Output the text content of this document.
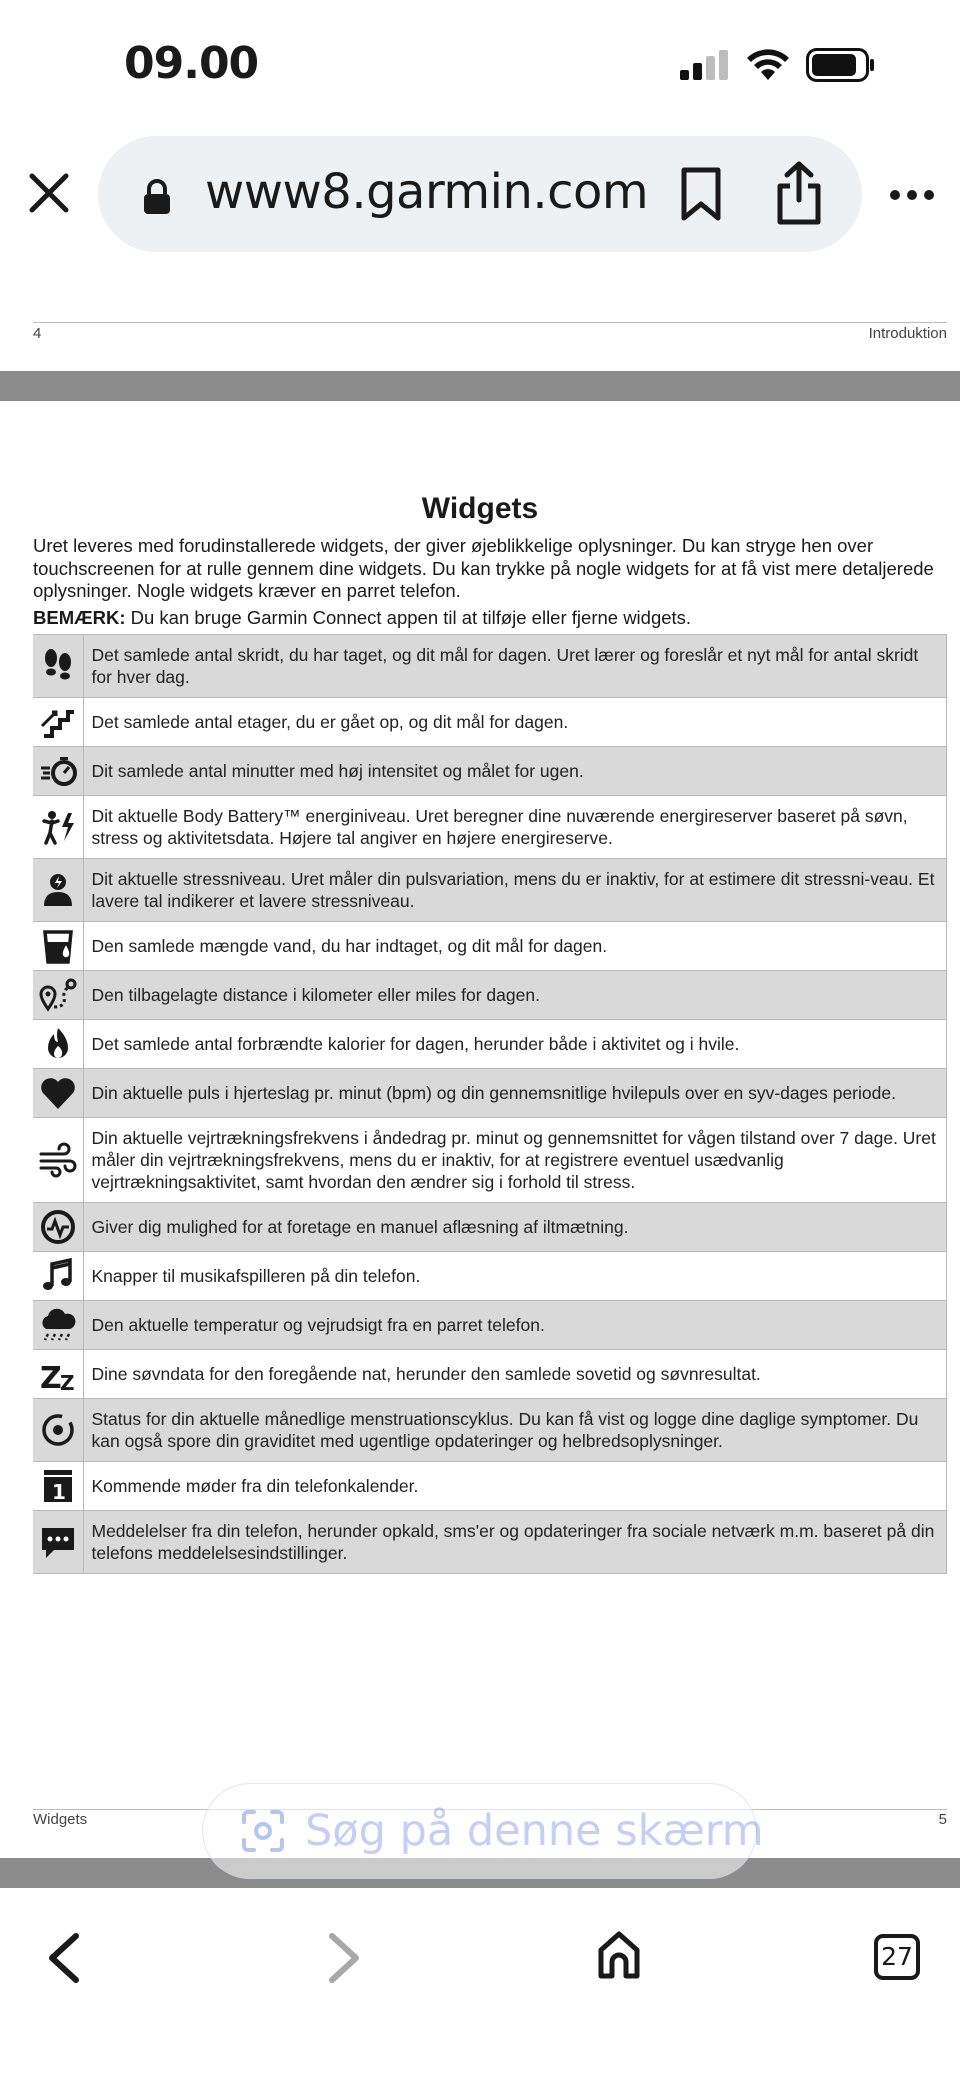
09.00
www8.garmin.com
4	Introduktion
Widgets
Uret leveres med forudinstallerede widgets, der giver øjeblikkelige oplysninger. Du kan stryge hen over touchscreenen for at rulle gennem dine widgets. Du kan trykke på nogle widgets for at få vist mere detaljerede oplysninger. Nogle widgets kræver en parret telefon.
BEMÆRK: Du kan bruge Garmin Connect appen til at tilføje eller fjerne widgets.
	Det samlede antal skridt, du har taget, og dit mål for dagen. Uret lærer og foreslår et nyt mål for antal skridt for hver dag.

	Det samlede antal etager, du er gået op, og dit mål for dagen.

	Dit samlede antal minutter med høj intensitet og målet for ugen.

	Dit aktuelle Body Battery™ energiniveau. Uret beregner dine nuværende energireserver baseret på søvn, stress og aktivitetsdata. Højere tal angiver en højere energireserve.

	Dit aktuelle stressniveau. Uret måler din pulsvariation, mens du er inaktiv, for at estimere dit stressni-veau. Et lavere tal indikerer et lavere stressniveau.

	Den samlede mængde vand, du har indtaget, og dit mål for dagen.

	Den tilbagelagte distance i kilometer eller miles for dagen.

	Det samlede antal forbrændte kalorier for dagen, herunder både i aktivitet og i hvile.

	Din aktuelle puls i hjerteslag pr. minut (bpm) og din gennemsnitlige hvilepuls over en syv-dages periode.

	Din aktuelle vejrtrækningsfrekvens i åndedrag pr. minut og gennemsnittet for vågen tilstand over 7 dage. Uret måler din vejrtrækningsfrekvens, mens du er inaktiv, for at registrere eventuel usædvanlig vejrtrækningsaktivitet, samt hvordan den ændrer sig i forhold til stress.

	Giver dig mulighed for at foretage en manuel aflæsning af iltmætning.

	Knapper til musikafspilleren på din telefon.

	Den aktuelle temperatur og vejrudsigt fra en parret telefon.

Z
Z	Dine søvndata for den foregående nat, herunder den samlede sovetid og søvnresultat.

	Status for din aktuelle månedlige menstruationscyklus. Du kan få vist og logge dine daglige symptomer. Du kan også spore din graviditet med ugentlige opdateringer og helbredsoplysninger.

1	Kommende møder fra din telefonkalender.

	Meddelelser fra din telefon, herunder opkald, sms'er og opdateringer fra sociale netværk m.m. baseret på din telefons meddelelsesindstillinger.
Widgets	5
Søg på denne skærm
27
